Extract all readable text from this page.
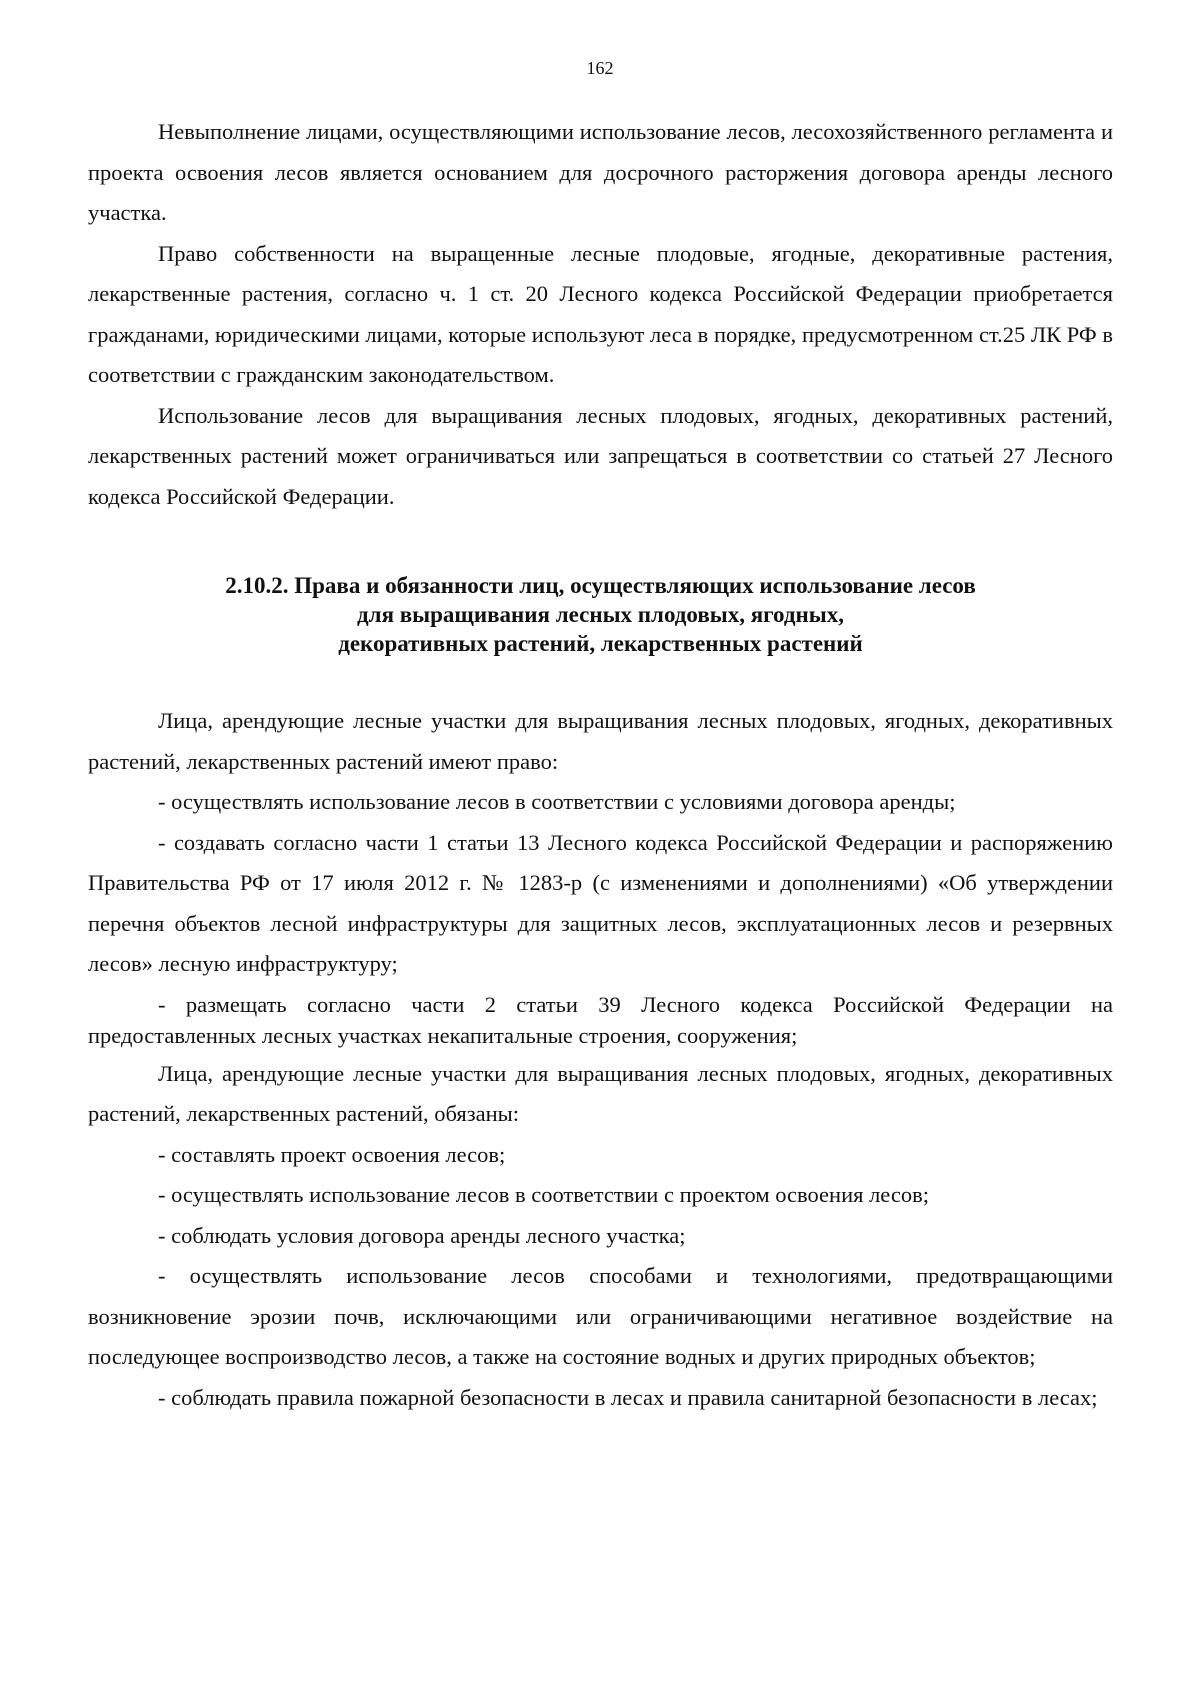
162

Невыполнение лицами, осуществляющими использование лесов, лесохозяйственного регламента и проекта освоения лесов является основанием для досрочного расторжения договора аренды лесного участка.

Право собственности на выращенные лесные плодовые, ягодные, декоративные растения, лекарственные растения, согласно ч. 1 ст. 20 Лесного кодекса Российской Федерации приобретается гражданами, юридическими лицами, которые используют леса в порядке, предусмотренном ст.25 ЛК РФ в соответствии с гражданским законодательством.

Использование лесов для выращивания лесных плодовых, ягодных, декоративных растений, лекарственных растений может ограничиваться или запрещаться в соответствии со статьей 27 Лесного кодекса Российской Федерации.

2.10.2. Права и обязанности лиц, осуществляющих использование лесов
для выращивания лесных плодовых, ягодных,
декоративных растений, лекарственных растений

Лица, арендующие лесные участки для выращивания лесных плодовых, ягодных, декоративных растений, лекарственных растений имеют право:

- осуществлять использование лесов в соответствии с условиями договора аренды;

- создавать согласно части 1 статьи 13 Лесного кодекса Российской Федерации и распоряжению Правительства РФ от 17 июля 2012 г. № 1283-р (с изменениями и дополнениями) «Об утверждении перечня объектов лесной инфраструктуры для защитных лесов, эксплуатационных лесов и резервных лесов» лесную инфраструктуру;

- размещать согласно части 2 статьи 39 Лесного кодекса Российской Федерации на предоставленных лесных участках некапитальные строения, сооружения;

Лица, арендующие лесные участки для выращивания лесных плодовых, ягодных, декоративных растений, лекарственных растений, обязаны:

- составлять проект освоения лесов;

- осуществлять использование лесов в соответствии с проектом освоения лесов;

- соблюдать условия договора аренды лесного участка;

- осуществлять использование лесов способами и технологиями, предотвращающими возникновение эрозии почв, исключающими или ограничивающими негативное воздействие на последующее воспроизводство лесов, а также на состояние водных и других природных объектов;

- соблюдать правила пожарной безопасности в лесах и правила санитарной безопасности в лесах;
